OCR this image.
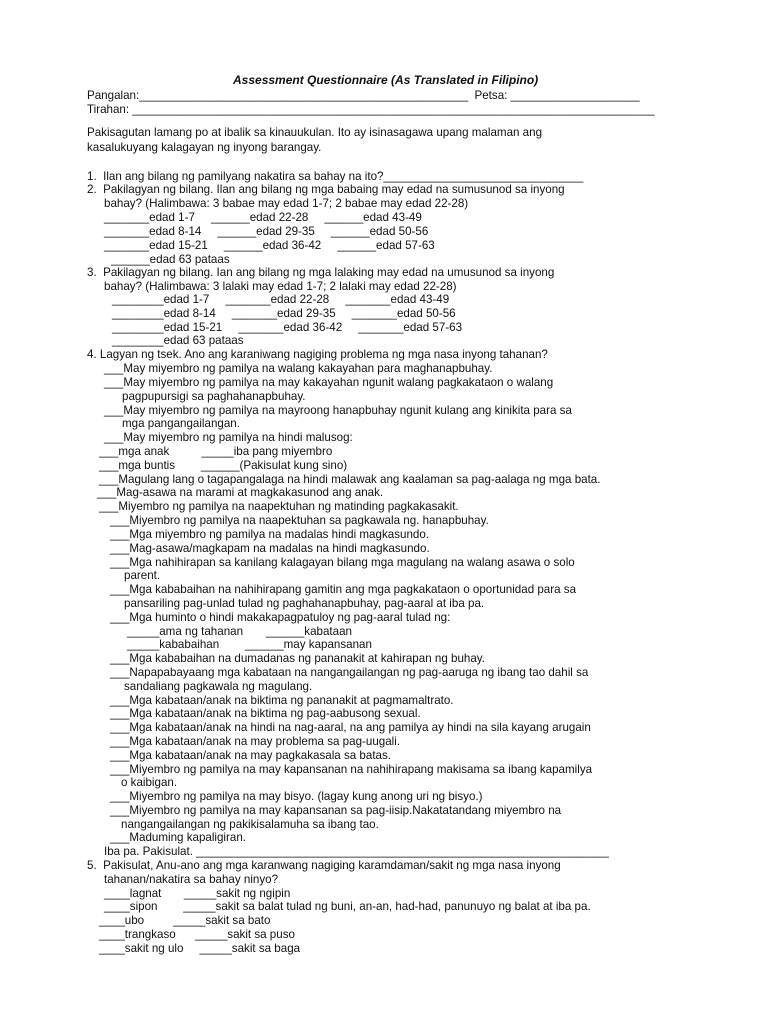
Assessment Questionnaire (As Translated in Filipino)
Pangalan:___________________________________________________  Petsa: ____________________
Tirahan: _________________________________________________________________________________
Pakisagutan lamang po at ibalik sa kinauukulan. Ito ay isinasagawa upang malaman ang
kasalukuyang kalagayan ng inyong barangay.
1.  Ilan ang bilang ng pamilyang nakatira sa bahay na ito?_______________________________
2.  Pakilagyan ng bilang. Ilan ang bilang ng mga babaing may edad na sumusunod sa inyong
bahay? (Halimbawa: 3 babae may edad 1-7; 2 babae may edad 22-28)
_______edad 1-7     ______edad 22-28     ______edad 43-49
_______edad 8-14     ______edad 29-35     ______edad 50-56
_______edad 15-21     ______edad 36-42     ______edad 57-63
______edad 63 pataas
3.  Pakilagyan ng bilang. Ian ang bilang ng mga lalaking may edad na umusunod sa inyong
bahay? (Halimbawa: 3 lalaki may edad 1-7; 2 lalaki may edad 22-28)
________edad 1-7     _______edad 22-28     _______edad 43-49
________edad 8-14     _______edad 29-35     _______edad 50-56
________edad 15-21     _______edad 36-42     _______edad 57-63
________edad 63 pataas
4. Lagyan ng tsek. Ano ang karaniwang nagiging problema ng mga nasa inyong tahanan?
___May miyembro ng pamilya na walang kakayahan para maghanapbuhay.
___May miyembro ng pamilya na may kakayahan ngunit walang pagkakataon o walang
pagpupursigi sa paghahanapbuhay.
___May miyembro ng pamilya na mayroong hanapbuhay ngunit kulang ang kinikita para sa
mga pangangailangan.
___May miyembro ng pamilya na hindi malusog:
___mga anak          _____iba pang miyembro
___mga buntis        ______(Pakisulat kung sino)
___Magulang lang o tagapangalaga na hindi malawak ang kaalaman sa pag-aalaga ng mga bata.
___Mag-asawa na marami at magkakasunod ang anak.
___Miyembro ng pamilya na naapektuhan ng matinding pagkakasakit.
___Miyembro ng pamilya na naapektuhan sa pagkawala ng. hanapbuhay.
___Mga miyembro ng pamilya na madalas hindi magkasundo.
___Mag-asawa/magkapam na madalas na hindi magkasundo.
___Mga nahihirapan sa kanilang kalagayan bilang mga magulang na walang asawa o solo
parent.
___Mga kababaihan na nahihirapang gamitin ang mga pagkakataon o oportunidad para sa
pansariling pag-unlad tulad ng paghahanapbuhay, pag-aaral at iba pa.
___Mga huminto o hindi makakapagpatuloy ng pag-aaral tulad ng:
_____ama ng tahanan       ______kabataan
_____kababaihan        ______may kapansanan
___Mga kababaihan na dumadanas ng pananakit at kahirapan ng buhay.
___Napapabayaang mga kabataan na nangangailangan ng pag-aaruga ng ibang tao dahil sa
sandaliang pagkawala ng magulang.
___Mga kabataan/anak na biktima ng pananakit at pagmamaltrato.
___Mga kabataan/anak na biktima ng pag-aabusong sexual.
___Mga kabataan/anak na hindi na nag-aaral, na ang pamilya ay hindi na sila kayang arugain
___Mga kabataan/anak na may problema sa pag-uugali.
___Mga kabataan/anak na may pagkakasala sa batas.
___Miyembro ng pamilya na may kapansanan na nahihirapang makisama sa ibang kapamilya
o kaibigan.
___Miyembro ng pamilya na may bisyo. (lagay kung anong uri ng bisyo.)
___Miyembro ng pamilya na may kapansanan sa pag-iisip.Nakatatandang miyembro na
nangangailangan ng pakikisalamuha sa ibang tao.
___Maduming kapaligiran.
Iba pa. Pakisulat. ________________________________________________________________
5.  Pakisulat, Anu-ano ang mga karanwang nagiging karamdaman/sakit ng mga nasa inyong
tahanan/nakatira sa bahay ninyo?
____lagnat       _____sakit ng ngipin
____sipon        _____sakit sa balat tulad ng buni, an-an, had-had, panunuyo ng balat at iba pa.
____ubo         _____sakit sa bato
____trangkaso      _____sakit sa puso
____sakit ng ulo     _____sakit sa baga
